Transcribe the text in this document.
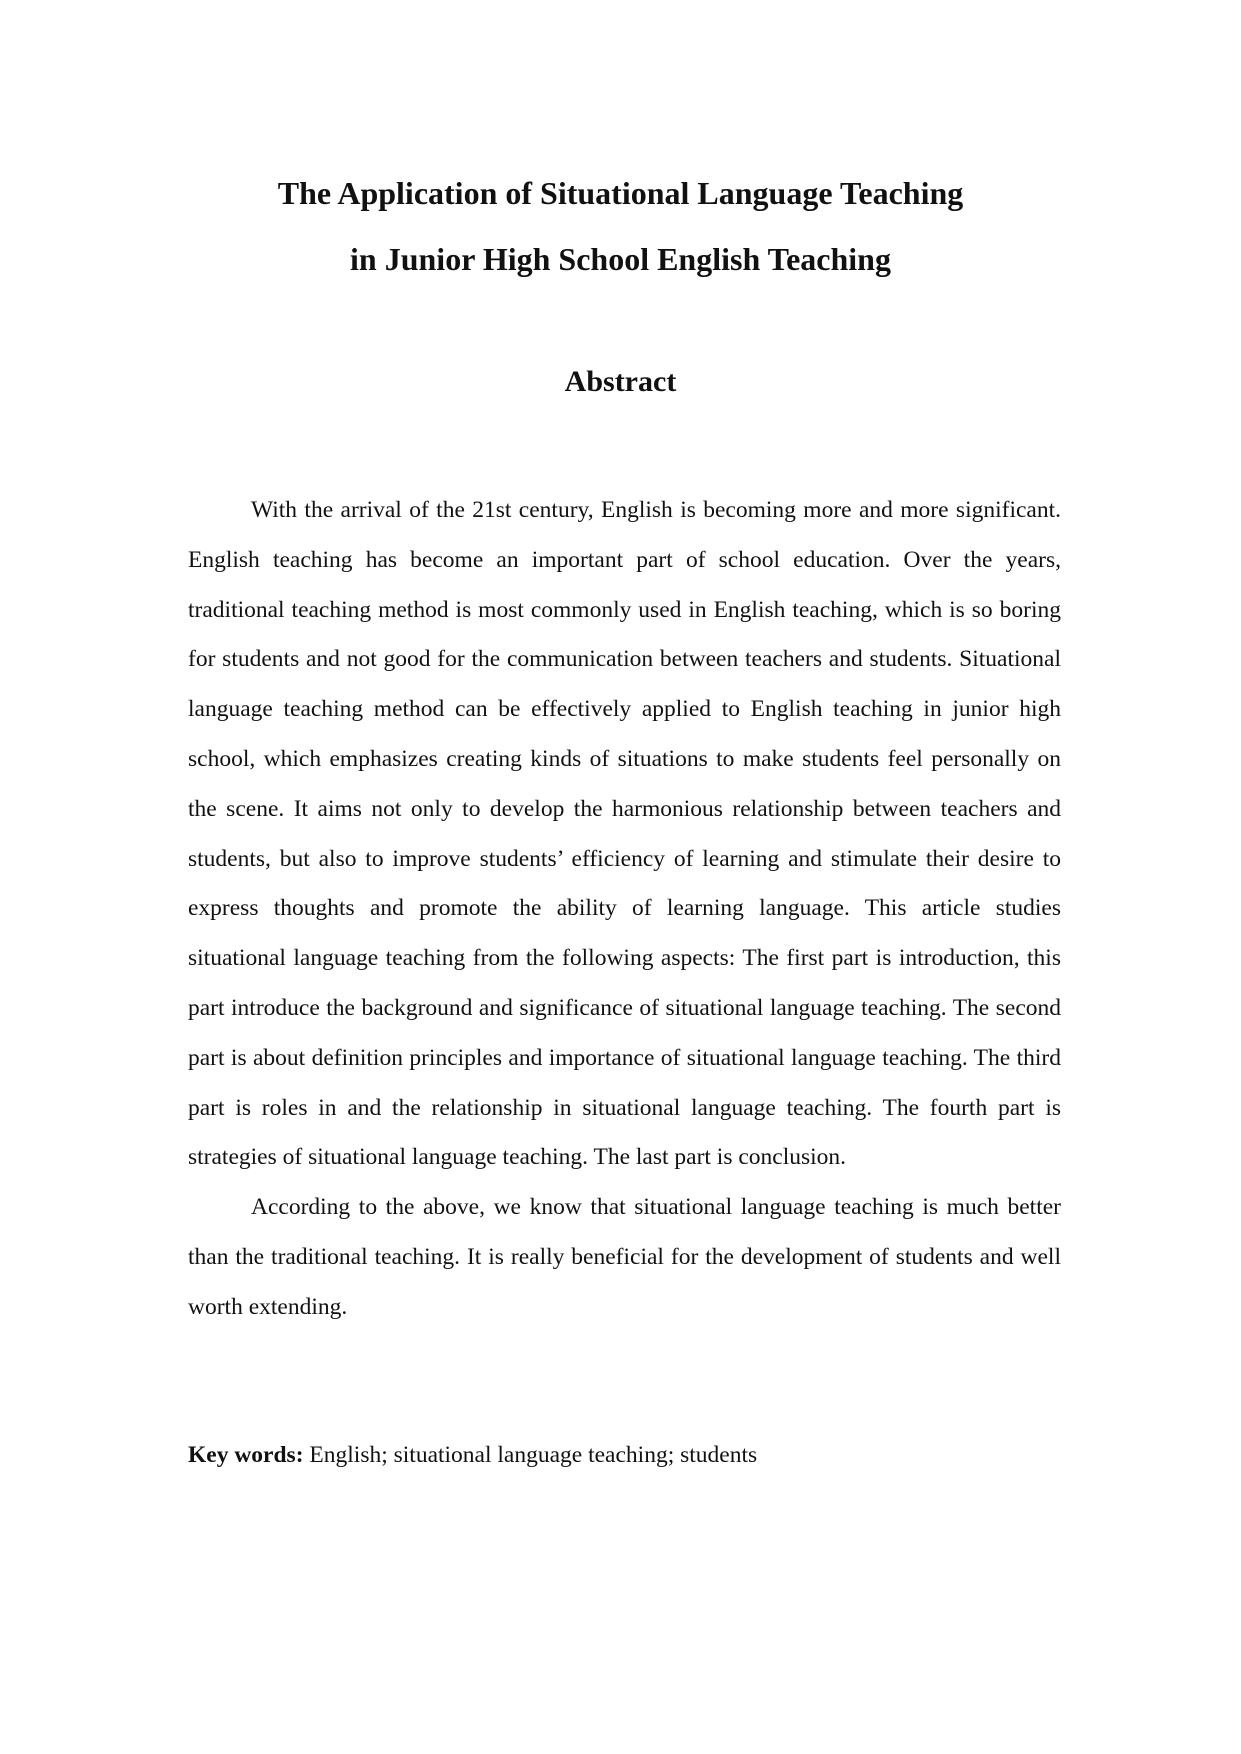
The Application of Situational Language Teaching
in Junior High School English Teaching
Abstract

With the arrival of the 21st century, English is becoming more and more significant. English teaching has become an important part of school education. Over the years, traditional teaching method is most commonly used in English teaching, which is so boring for students and not good for the communication between teachers and students. Situational language teaching method can be effectively applied to English teaching in junior high school, which emphasizes creating kinds of situations to make students feel personally on the scene. It aims not only to develop the harmonious relationship between teachers and students, but also to improve students’ efficiency of learning and stimulate their desire to express thoughts and promote the ability of learning language. This article studies situational language teaching from the following aspects: The first part is introduction, this part introduce the background and significance of situational language teaching. The second part is about definition principles and importance of situational language teaching. The third part is roles in and the relationship in situational language teaching. The fourth part is strategies of situational language teaching. The last part is conclusion.

According to the above, we know that situational language teaching is much better than the traditional teaching. It is really beneficial for the development of students and well worth extending.

Key words: English; situational language teaching; students
